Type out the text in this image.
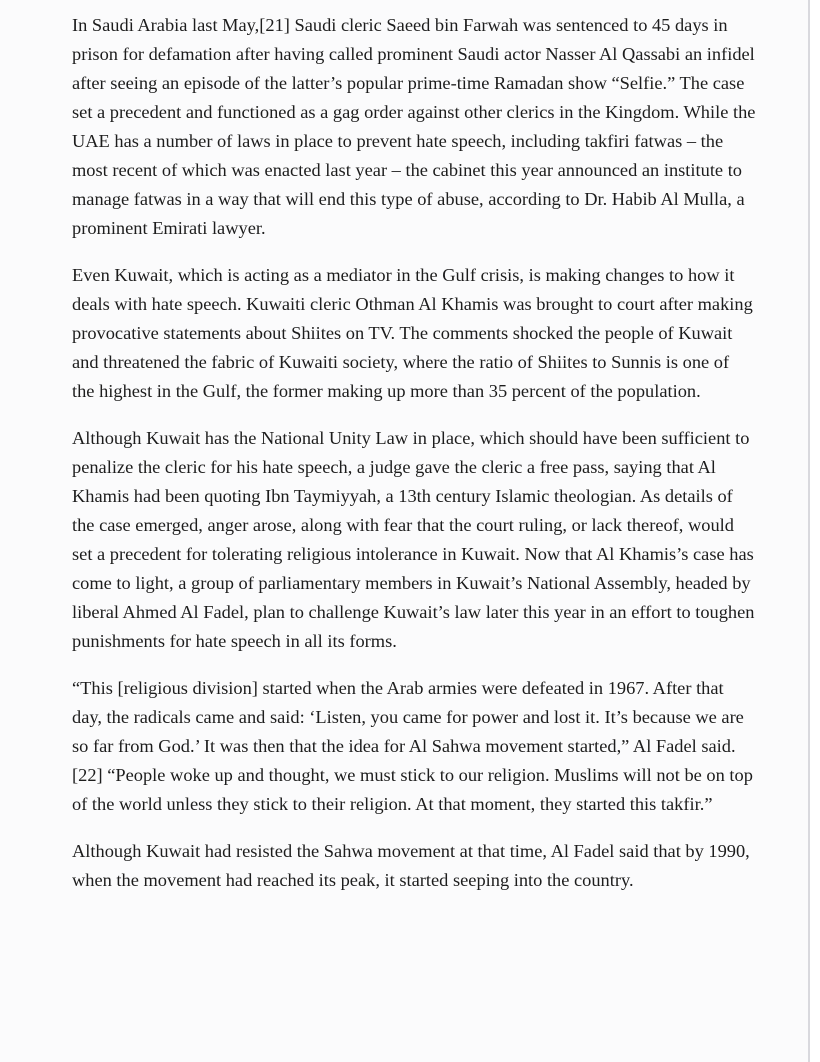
In Saudi Arabia last May,[21] Saudi cleric Saeed bin Farwah was sentenced to 45 days in prison for defamation after having called prominent Saudi actor Nasser Al Qassabi an infidel after seeing an episode of the latter’s popular prime-time Ramadan show “Selfie.” The case set a precedent and functioned as a gag order against other clerics in the Kingdom. While the UAE has a number of laws in place to prevent hate speech, including takfiri fatwas – the most recent of which was enacted last year – the cabinet this year announced an institute to manage fatwas in a way that will end this type of abuse, according to Dr. Habib Al Mulla, a prominent Emirati lawyer.

Even Kuwait, which is acting as a mediator in the Gulf crisis, is making changes to how it deals with hate speech. Kuwaiti cleric Othman Al Khamis was brought to court after making provocative statements about Shiites on TV. The comments shocked the people of Kuwait and threatened the fabric of Kuwaiti society, where the ratio of Shiites to Sunnis is one of the highest in the Gulf, the former making up more than 35 percent of the population.

Although Kuwait has the National Unity Law in place, which should have been sufficient to penalize the cleric for his hate speech, a judge gave the cleric a free pass, saying that Al Khamis had been quoting Ibn Taymiyyah, a 13th century Islamic theologian. As details of the case emerged, anger arose, along with fear that the court ruling, or lack thereof, would set a precedent for tolerating religious intolerance in Kuwait. Now that Al Khamis’s case has come to light, a group of parliamentary members in Kuwait’s National Assembly, headed by liberal Ahmed Al Fadel, plan to challenge Kuwait’s law later this year in an effort to toughen punishments for hate speech in all its forms.

“This [religious division] started when the Arab armies were defeated in 1967. After that day, the radicals came and said: ‘Listen, you came for power and lost it. It’s because we are so far from God.’ It was then that the idea for Al Sahwa movement started,” Al Fadel said.[22] “People woke up and thought, we must stick to our religion. Muslims will not be on top of the world unless they stick to their religion. At that moment, they started this takfir.”

Although Kuwait had resisted the Sahwa movement at that time, Al Fadel said that by 1990, when the movement had reached its peak, it started seeping into the country.
